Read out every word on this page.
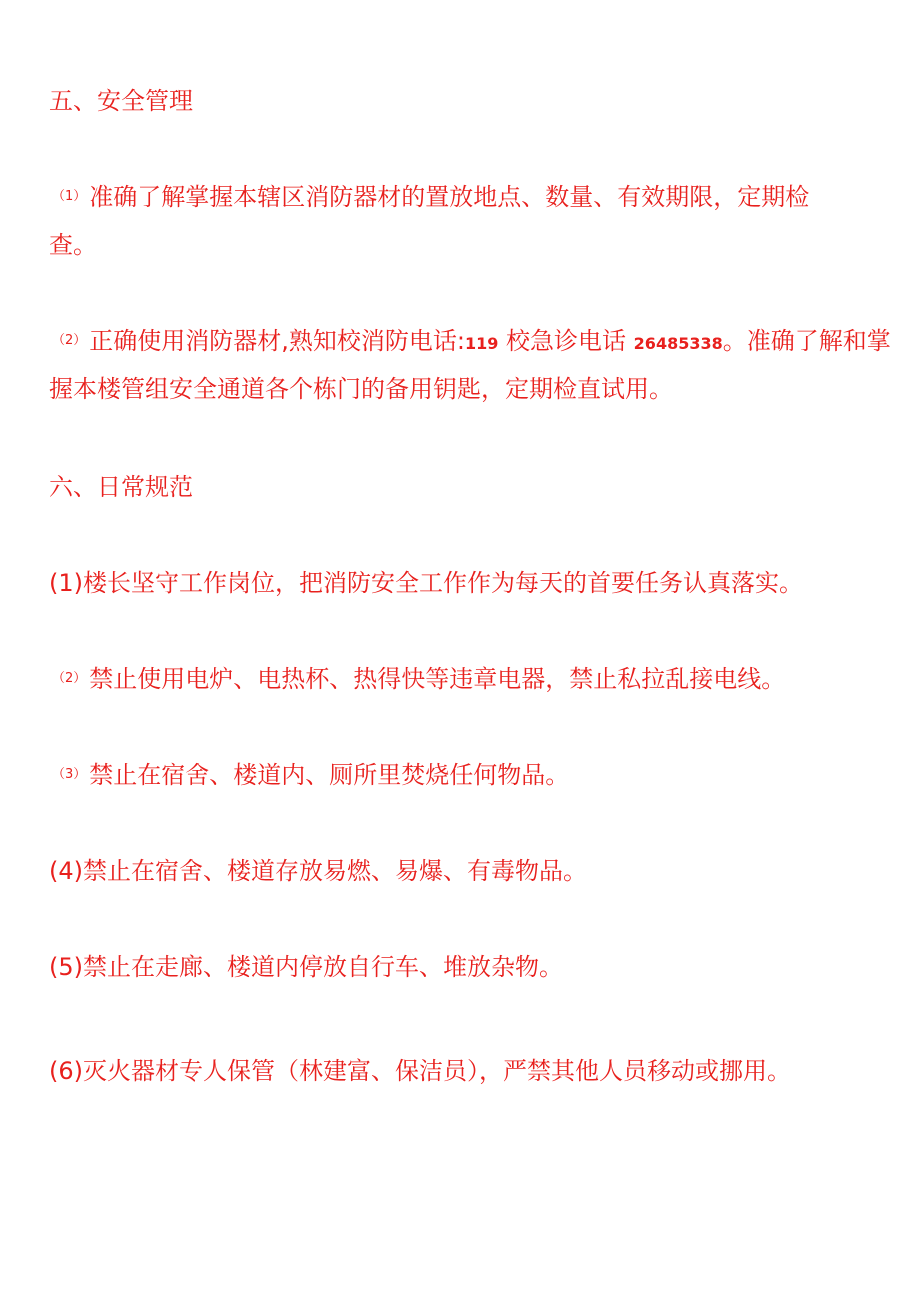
五、安全管理
（1） 准确了解掌握本辖区消防器材的置放地点、数量、有效期限，定期检
查。
（2） 正确使用消防器材,熟知校消防电话:119 校急诊电话 26485338。准确了解和掌
握本楼管组安全通道各个栋门的备用钥匙，定期检直试用。
六、日常规范
(1)楼长坚守工作岗位，把消防安全工作作为每天的首要任务认真落实。
（2） 禁止使用电炉、电热杯、热得快等违章电器，禁止私拉乱接电线。
（3） 禁止在宿舍、楼道内、厕所里焚烧任何物品。
(4)禁止在宿舍、楼道存放易燃、易爆、有毒物品。
(5)禁止在走廊、楼道内停放自行车、堆放杂物。
(6)灭火器材专人保管（林建富、保洁员），严禁其他人员移动或挪用。
